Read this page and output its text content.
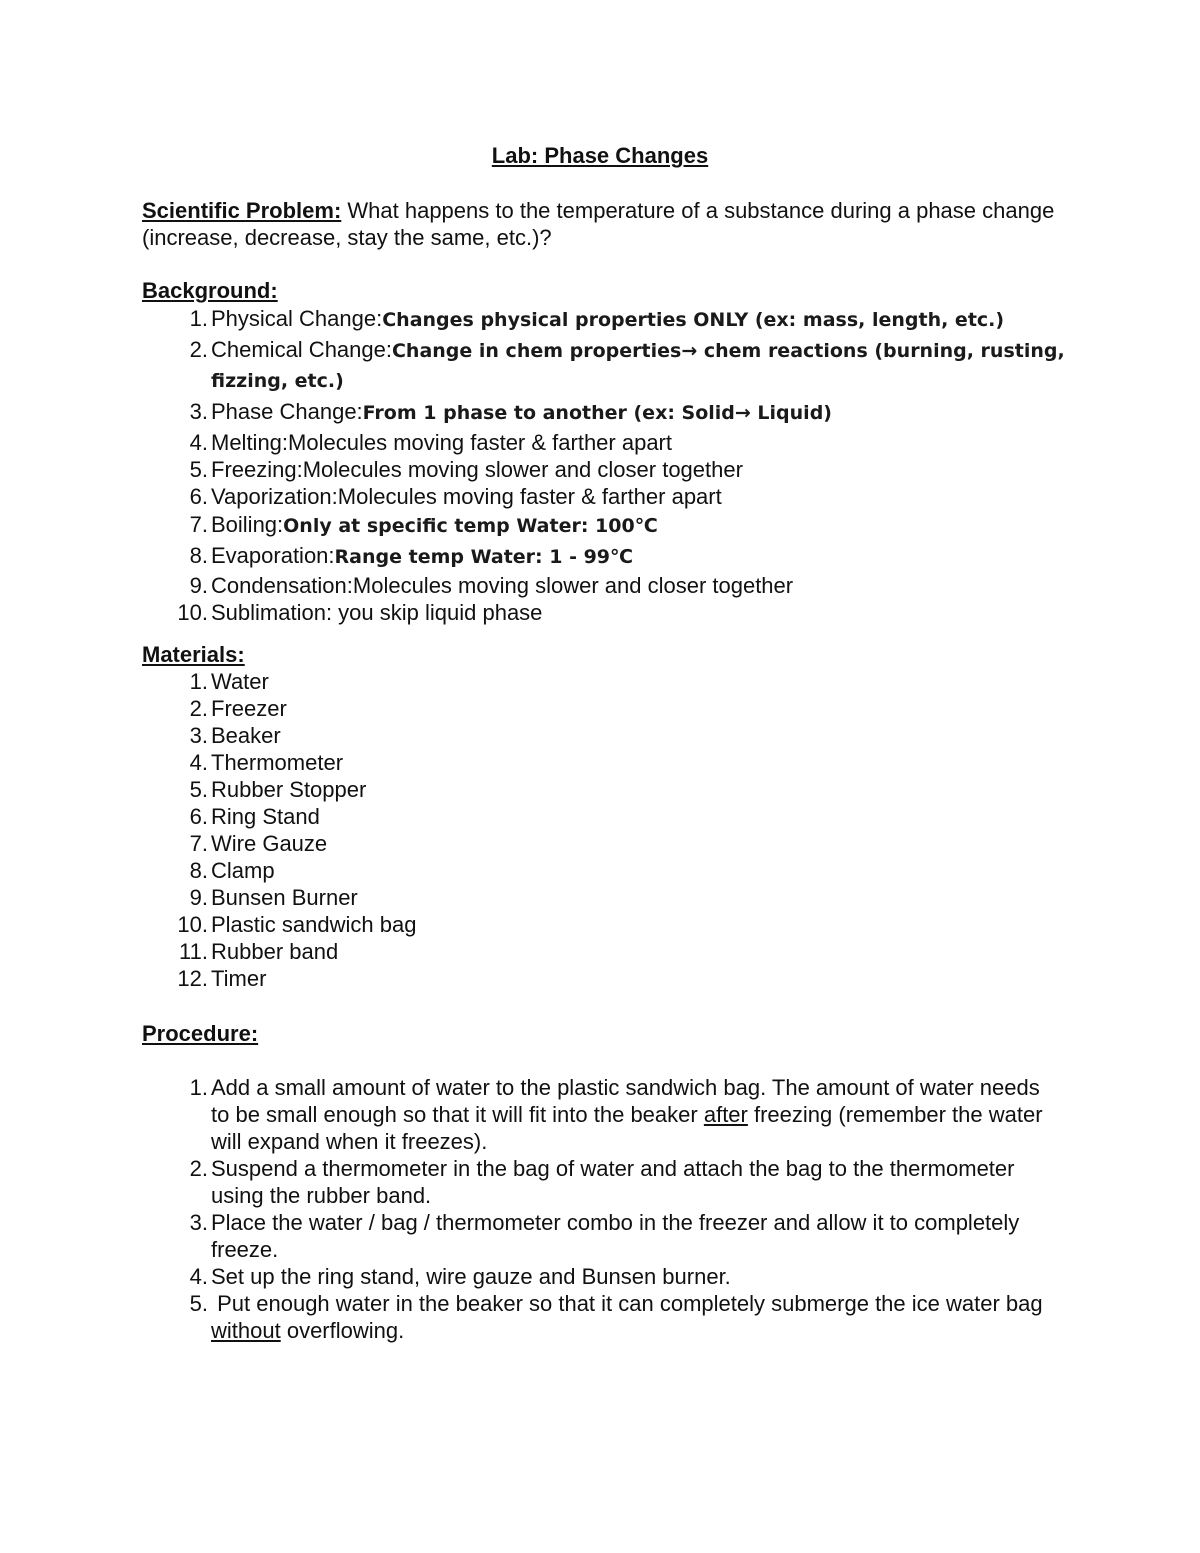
Lab: Phase Changes
Scientific Problem: What happens to the temperature of a substance during a phase change (increase, decrease, stay the same, etc.)?
Background:
1. Physical Change:Changes physical properties ONLY (ex: mass, length, etc.)
2. Chemical Change:Change in chem properties→ chem reactions (burning, rusting, fizzing, etc.)
3. Phase Change:From 1 phase to another (ex: Solid→ Liquid)
4. Melting:Molecules moving faster & farther apart
5. Freezing:Molecules moving slower and closer together
6. Vaporization:Molecules moving faster & farther apart
7. Boiling:Only at specific temp Water: 100℃
8. Evaporation:Range temp Water: 1 - 99℃
9. Condensation:Molecules moving slower and closer together
10. Sublimation: you skip liquid phase
Materials:
1. Water
2. Freezer
3. Beaker
4. Thermometer
5. Rubber Stopper
6. Ring Stand
7. Wire Gauze
8. Clamp
9. Bunsen Burner
10. Plastic sandwich bag
11. Rubber band
12. Timer
Procedure:
1. Add a small amount of water to the plastic sandwich bag. The amount of water needs to be small enough so that it will fit into the beaker after freezing (remember the water will expand when it freezes).
2. Suspend a thermometer in the bag of water and attach the bag to the thermometer using the rubber band.
3. Place the water / bag / thermometer combo in the freezer and allow it to completely freeze.
4. Set up the ring stand, wire gauze and Bunsen burner.
5. Put enough water in the beaker so that it can completely submerge the ice water bag without overflowing.
